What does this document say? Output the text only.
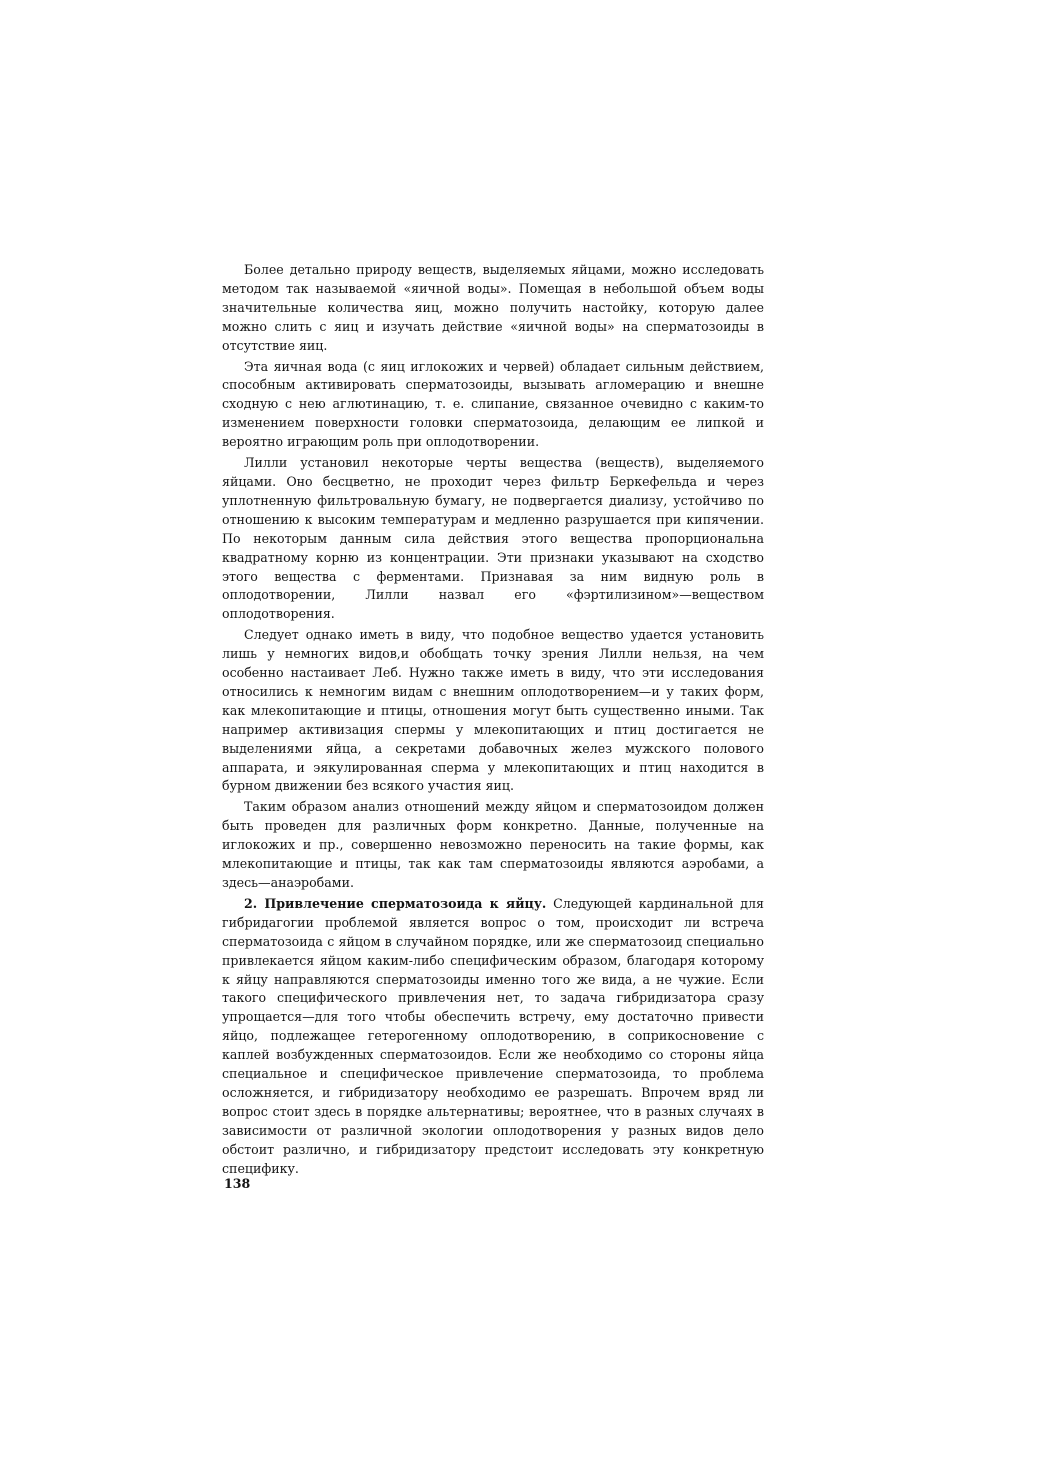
Более детально природу веществ, выделяемых яйцами, можно исследовать методом так называемой «яичной воды». Помещая в небольшой объем воды значительные количества яиц, можно получить настойку, которую далее можно слить с яиц и изучать действие «яичной воды» на сперматозоиды в отсутствие яиц.

Эта яичная вода (с яиц иглокожих и червей) обладает сильным действием, способным активировать сперматозоиды, вызывать агломерацию и внешне сходную с нею аглютинацию, т. е. слипание, связанное очевидно с каким-то изменением поверхности головки сперматозоида, делающим ее липкой и вероятно играющим роль при оплодотворении.

Лилли установил некоторые черты вещества (веществ), выделяемого яйцами. Оно бесцветно, не проходит через фильтр Беркефельда и через уплотненную фильтровальную бумагу, не подвергается диализу, устойчиво по отношению к высоким температурам и медленно разрушается при кипячении. По некоторым данным сила действия этого вещества пропорциональна квадратному корню из концентрации. Эти признаки указывают на сходство этого вещества с ферментами. Признавая за ним видную роль в оплодотворении, Лилли назвал его «фэртилизином»—веществом оплодотворения.

Следует однако иметь в виду, что подобное вещество удается установить лишь у немногих видов,и обобщать точку зрения Лилли нельзя, на чем особенно настаивает Леб. Нужно также иметь в виду, что эти исследования относились к немногим видам с внешним оплодотворением—и у таких форм, как млекопитающие и птицы, отношения могут быть существенно иными. Так например активизация спермы у млекопитающих и птиц достигается не выделениями яйца, а секретами добавочных желез мужского полового аппарата, и эякулированная сперма у млекопитающих и птиц находится в бурном движении без всякого участия яиц.

Таким образом анализ отношений между яйцом и сперматозоидом должен быть проведен для различных форм конкретно. Данные, полученные на иглокожих и пр., совершенно невозможно переносить на такие формы, как млекопитающие и птицы, так как там сперматозоиды являются аэробами, а здесь—анаэробами.

2. Привлечение сперматозоида к яйцу. Следующей кардинальной для гибридагогии проблемой является вопрос о том, происходит ли встреча сперматозоида с яйцом в случайном порядке, или же сперматозоид специально привлекается яйцом каким-либо специфическим образом, благодаря которому к яйцу направляются сперматозоиды именно того же вида, а не чужие. Если такого специфического привлечения нет, то задача гибридизатора сразу упрощается—для того чтобы обеспечить встречу, ему достаточно привести яйцо, подлежащее гетерогенному оплодотворению, в соприкосновение с каплей возбужденных сперматозоидов. Если же необходимо со стороны яйца специальное и специфическое привлечение сперматозоида, то проблема осложняется, и гибридизатору необходимо ее разрешать. Впрочем вряд ли вопрос стоит здесь в порядке альтернативы; вероятнее, что в разных случаях в зависимости от различной экологии оплодотворения у разных видов дело обстоит различно, и гибридизатору предстоит исследовать эту конкретную специфику.

138
